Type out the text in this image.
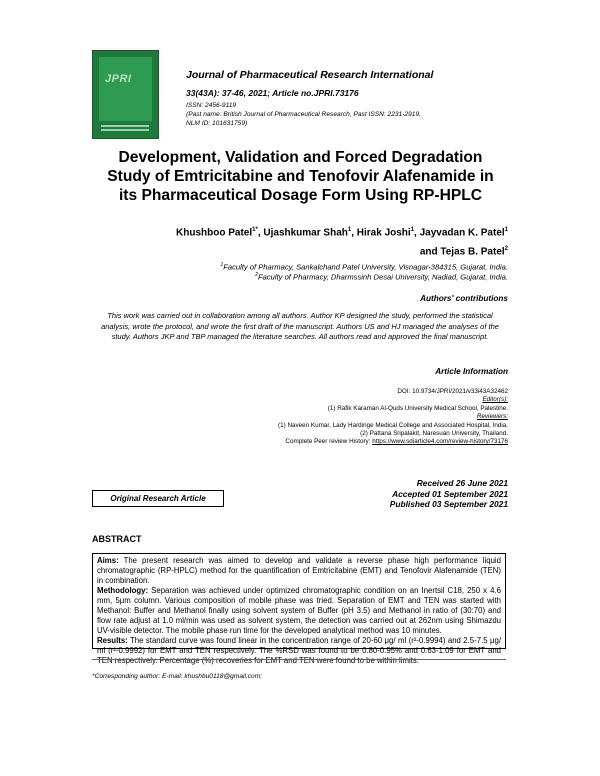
JPRI	Journal of Pharmaceutical Research International
33(43A): 37-46, 2021; Article no.JPRI.73176
ISSN: 2456-9119
(Past name: British Journal of Pharmaceutical Research, Past ISSN: 2231-2919,
NLM ID: 101631759)
Development, Validation and Forced Degradation
Study of Emtricitabine and Tenofovir Alafenamide in
its Pharmaceutical Dosage Form Using RP-HPLC
Khushboo Patel$^{1*}$, Ujashkumar Shah$^1$, Hirak Joshi$^1$, Jayvadan K. Patel$^1$
and Tejas B. Patel$^2$
$^1$Faculty of Pharmacy, Sankalchand Patel University, Visnagar-384315, Gujarat, India.
$^2$Faculty of Pharmacy, Dharmssinh Desai University, Nadiad, Gujarat, India.
Authors' contributions
This work was carried out in collaboration among all authors. Author KP designed the study, performed the statistical analysis, wrote the protocol, and wrote the first draft of the manuscript. Authors US and HJ managed the analyses of the study. Authors JKP and TBP managed the literature searches. All authors read and approved the final manuscript.
Article Information
DOI: 10.9734/JPRI/2021/v33i43A32462
Editor(s):
(1) Rafik Karaman Al-Quds University Medical School, Palestine.
Reviewers:
(1) Naveen Kumar, Lady Hardinge Medical College and Associated Hospital, India.
(2) Pattana Sripalakit, Naresuan University, Thailand.
Complete Peer review History: https://www.sdiarticle4.com/review-history/73176
Original Research Article
Received 26 June 2021
Accepted 01 September 2021
Published 03 September 2021
ABSTRACT

Aims: The present research was aimed to develop and validate a reverse phase high performance liquid chromatographic (RP-HPLC) method for the quantification of Emtricitabine (EMT) and Tenofovir Alafenamide (TEN) in combination.

Methodology: Separation was achieved under optimized chromatographic condition on an Inertsil C18, 250 x 4.6 mm, 5μm column. Various composition of mobile phase was tried. Separation of EMT and TEN was started with Methanol: Buffer and Methanol finally using solvent system of Buffer (pH 3.5) and Methanol in ratio of (30:70) and flow rate adjust at 1.0 ml/min was used as solvent system, the detection was carried out at 262nm using Shimazdu UV-visible detector. The mobile phase run time for the developed analytical method was 10 minutes.

Results: The standard curve was found linear in the concentration range of 20-60 μg/ ml (r²-0.9994) and 2.5-7.5 μg/ ml (r²-0.9992) for EMT and TEN respectively. The %RSD was found to be 0.80-0.95% and 0.63-1.09 for EMT and TEN respectively. Percentage (%) recoveries for EMT and TEN were found to be within limits.

*Corresponding author: E-mail: khushbu0118@gmail.com;
